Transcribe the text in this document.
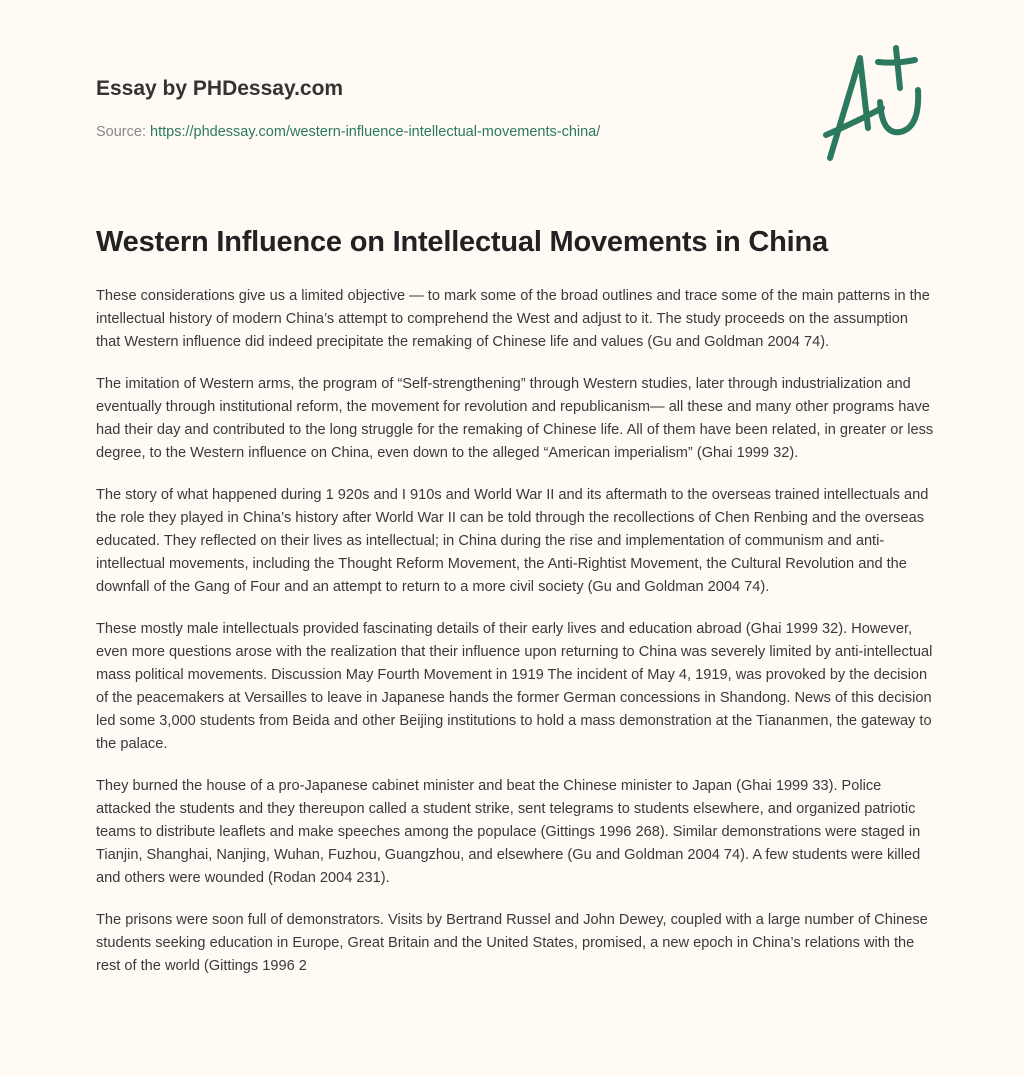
Essay by PHDessay.com
Source: https://phdessay.com/western-influence-intellectual-movements-china/
Western Influence on Intellectual Movements in China

These considerations give us a limited objective — to mark some of the broad outlines and trace some of the main patterns in the intellectual history of modern China’s attempt to comprehend the West and adjust to it. The study proceeds on the assumption that Western influence did indeed precipitate the remaking of Chinese life and values (Gu and Goldman 2004 74).

The imitation of Western arms, the program of “Self-strengthening” through Western studies, later through industrialization and eventually through institutional reform, the movement for revolution and republicanism— all these and many other programs have had their day and contributed to the long struggle for the remaking of Chinese life. All of them have been related, in greater or less degree, to the Western influence on China, even down to the alleged “American imperialism” (Ghai 1999 32).

The story of what happened during 1 920s and I 910s and World War II and its aftermath to the overseas trained intellectuals and the role they played in China’s history after World War II can be told through the recollections of Chen Renbing and the overseas educated. They reflected on their lives as intellectual; in China during the rise and implementation of communism and anti-intellectual movements, including the Thought Reform Movement, the Anti-Rightist Movement, the Cultural Revolution and the downfall of the Gang of Four and an attempt to return to a more civil society (Gu and Goldman 2004 74).

These mostly male intellectuals provided fascinating details of their early lives and education abroad (Ghai 1999 32). However, even more questions arose with the realization that their influence upon returning to China was severely limited by anti-intellectual mass political movements. Discussion May Fourth Movement in 1919 The incident of May 4, 1919, was provoked by the decision of the peacemakers at Versailles to leave in Japanese hands the former German concessions in Shandong. News of this decision led some 3,000 students from Beida and other Beijing institutions to hold a mass demonstration at the Tiananmen, the gateway to the palace.

They burned the house of a pro-Japanese cabinet minister and beat the Chinese minister to Japan (Ghai 1999 33). Police attacked the students and they thereupon called a student strike, sent telegrams to students elsewhere, and organized patriotic teams to distribute leaflets and make speeches among the populace (Gittings 1996 268). Similar demonstrations were staged in Tianjin, Shanghai, Nanjing, Wuhan, Fuzhou, Guangzhou, and elsewhere (Gu and Goldman 2004 74). A few students were killed and others were wounded (Rodan 2004 231).

The prisons were soon full of demonstrators. Visits by Bertrand Russel and John Dewey, coupled with a large number of Chinese students seeking education in Europe, Great Britain and the United States, promised, a new epoch in China’s relations with the rest of the world (Gittings 1996 2
